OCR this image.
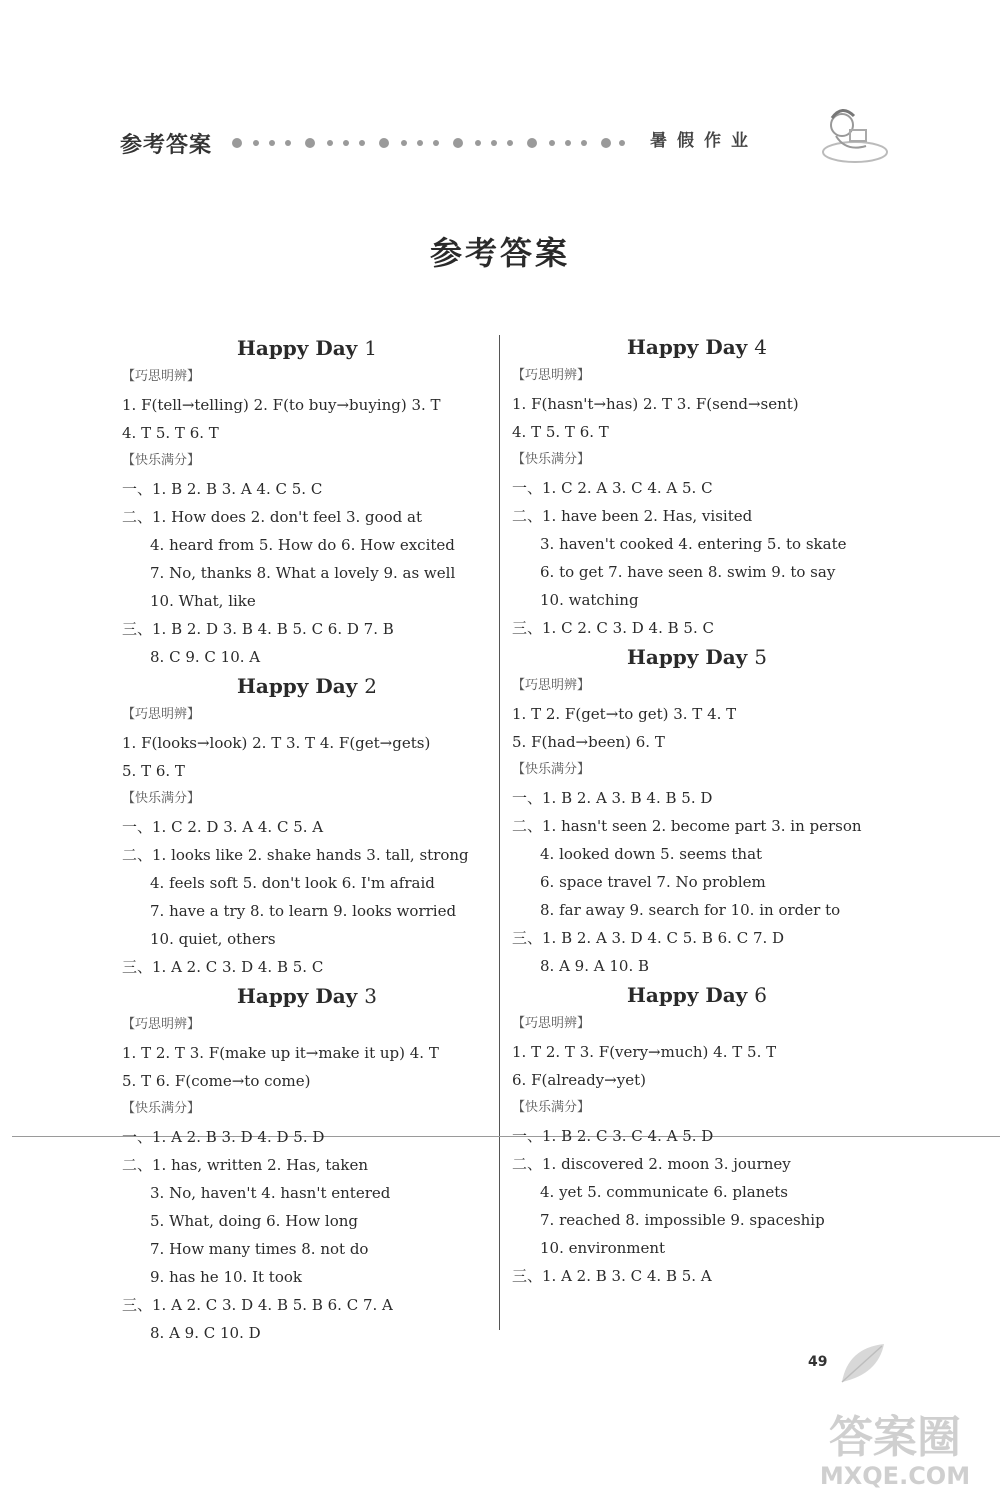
参考答案	暑假作业
参考答案
Happy Day 1
【巧思明辨】
1. F(tell→telling) 2. F(to buy→buying) 3. T
4. T 5. T 6. T
【快乐满分】
一、1. B 2. B 3. A 4. C 5. C
二、1. How does 2. don't feel 3. good at
4. heard from 5. How do 6. How excited
7. No, thanks 8. What a lovely 9. as well
10. What, like
三、1. B 2. D 3. B 4. B 5. C 6. D 7. B
8. C 9. C 10. A
Happy Day 2
【巧思明辨】
1. F(looks→look) 2. T 3. T 4. F(get→gets)
5. T 6. T
【快乐满分】
一、1. C 2. D 3. A 4. C 5. A
二、1. looks like 2. shake hands 3. tall, strong
4. feels soft 5. don't look 6. I'm afraid
7. have a try 8. to learn 9. looks worried
10. quiet, others
三、1. A 2. C 3. D 4. B 5. C
Happy Day 3
【巧思明辨】
1. T 2. T 3. F(make up it→make it up) 4. T
5. T 6. F(come→to come)
【快乐满分】
一、1. A 2. B 3. D 4. D 5. D
二、1. has, written 2. Has, taken
3. No, haven't 4. hasn't entered
5. What, doing 6. How long
7. How many times 8. not do
9. has he 10. It took
三、1. A 2. C 3. D 4. B 5. B 6. C 7. A
8. A 9. C 10. D
Happy Day 4
【巧思明辨】
1. F(hasn't→has) 2. T 3. F(send→sent)
4. T 5. T 6. T
【快乐满分】
一、1. C 2. A 3. C 4. A 5. C
二、1. have been 2. Has, visited
3. haven't cooked 4. entering 5. to skate
6. to get 7. have seen 8. swim 9. to say
10. watching
三、1. C 2. C 3. D 4. B 5. C
Happy Day 5
【巧思明辨】
1. T 2. F(get→to get) 3. T 4. T
5. F(had→been) 6. T
【快乐满分】
一、1. B 2. A 3. B 4. B 5. D
二、1. hasn't seen 2. become part 3. in person
4. looked down 5. seems that
6. space travel 7. No problem
8. far away 9. search for 10. in order to
三、1. B 2. A 3. D 4. C 5. B 6. C 7. D
8. A 9. A 10. B
Happy Day 6
【巧思明辨】
1. T 2. T 3. F(very→much) 4. T 5. T
6. F(already→yet)
【快乐满分】
一、1. B 2. C 3. C 4. A 5. D
二、1. discovered 2. moon 3. journey
4. yet 5. communicate 6. planets
7. reached 8. impossible 9. spaceship
10. environment
三、1. A 2. B 3. C 4. B 5. A
49
答案圈
MXQE.COM
